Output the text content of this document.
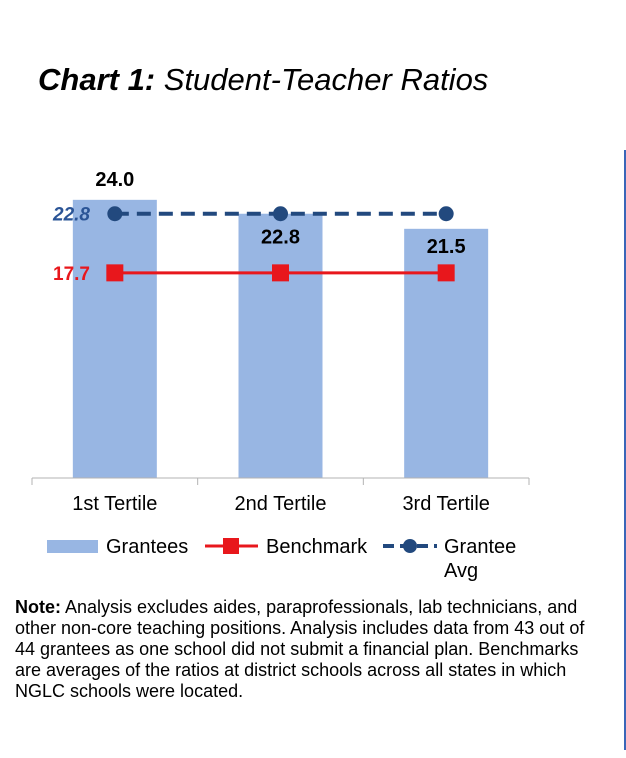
Chart 1: Student-Teacher Ratios
1st Tertile	2nd Tertile	3rd Tertile
24.0
22.8	21.5
22.8
17.7
Grantees	Benchmark	Grantee
Avg
Note: Analysis excludes aides, paraprofessionals, lab technicians, and other non-core teaching positions. Analysis includes data from 43 out of 44 grantees as one school did not submit a financial plan. Benchmarks are averages of the ratios at district schools across all states in which NGLC schools were located.
